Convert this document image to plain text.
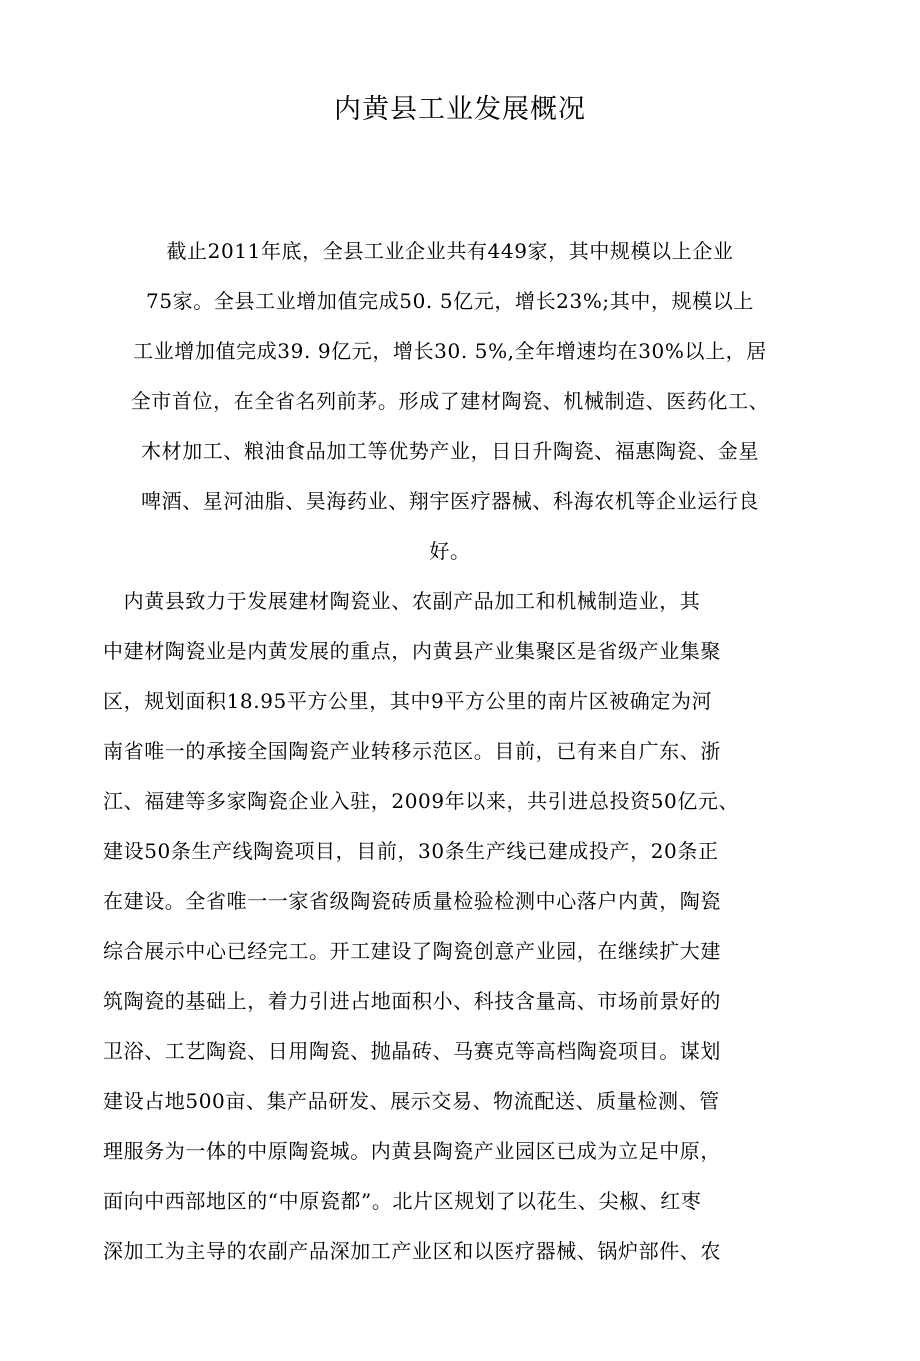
内黄县工业发展概况
截止2011年底，全县工业企业共有449家，其中规模以上企业
75家。全县工业增加值完成50. 5亿元，增长23%;其中，规模以上
工业增加值完成39. 9亿元，增长30. 5%,全年增速均在30%以上，居
全市首位，在全省名列前茅。形成了建材陶瓷、机械制造、医药化工、
木材加工、粮油食品加工等优势产业，日日升陶瓷、福惠陶瓷、金星
啤酒、星河油脂、昊海药业、翔宇医疗器械、科海农机等企业运行良
好。
　内黄县致力于发展建材陶瓷业、农副产品加工和机械制造业，其
中建材陶瓷业是内黄发展的重点，内黄县产业集聚区是省级产业集聚
区，规划面积18.95平方公里，其中9平方公里的南片区被确定为河
南省唯一的承接全国陶瓷产业转移示范区。目前，已有来自广东、浙
江、福建等多家陶瓷企业入驻，2009年以来，共引进总投资50亿元、
建设50条生产线陶瓷项目，目前，30条生产线已建成投产，20条正
在建设。全省唯一一家省级陶瓷砖质量检验检测中心落户内黄，陶瓷
综合展示中心已经完工。开工建设了陶瓷创意产业园，在继续扩大建
筑陶瓷的基础上，着力引进占地面积小、科技含量高、市场前景好的
卫浴、工艺陶瓷、日用陶瓷、抛晶砖、马赛克等高档陶瓷项目。谋划
建设占地500亩、集产品研发、展示交易、物流配送、质量检测、管
理服务为一体的中原陶瓷城。内黄县陶瓷产业园区已成为立足中原，
面向中西部地区的“中原瓷都”。北片区规划了以花生、尖椒、红枣
深加工为主导的农副产品深加工产业区和以医疗器械、锅炉部件、农
